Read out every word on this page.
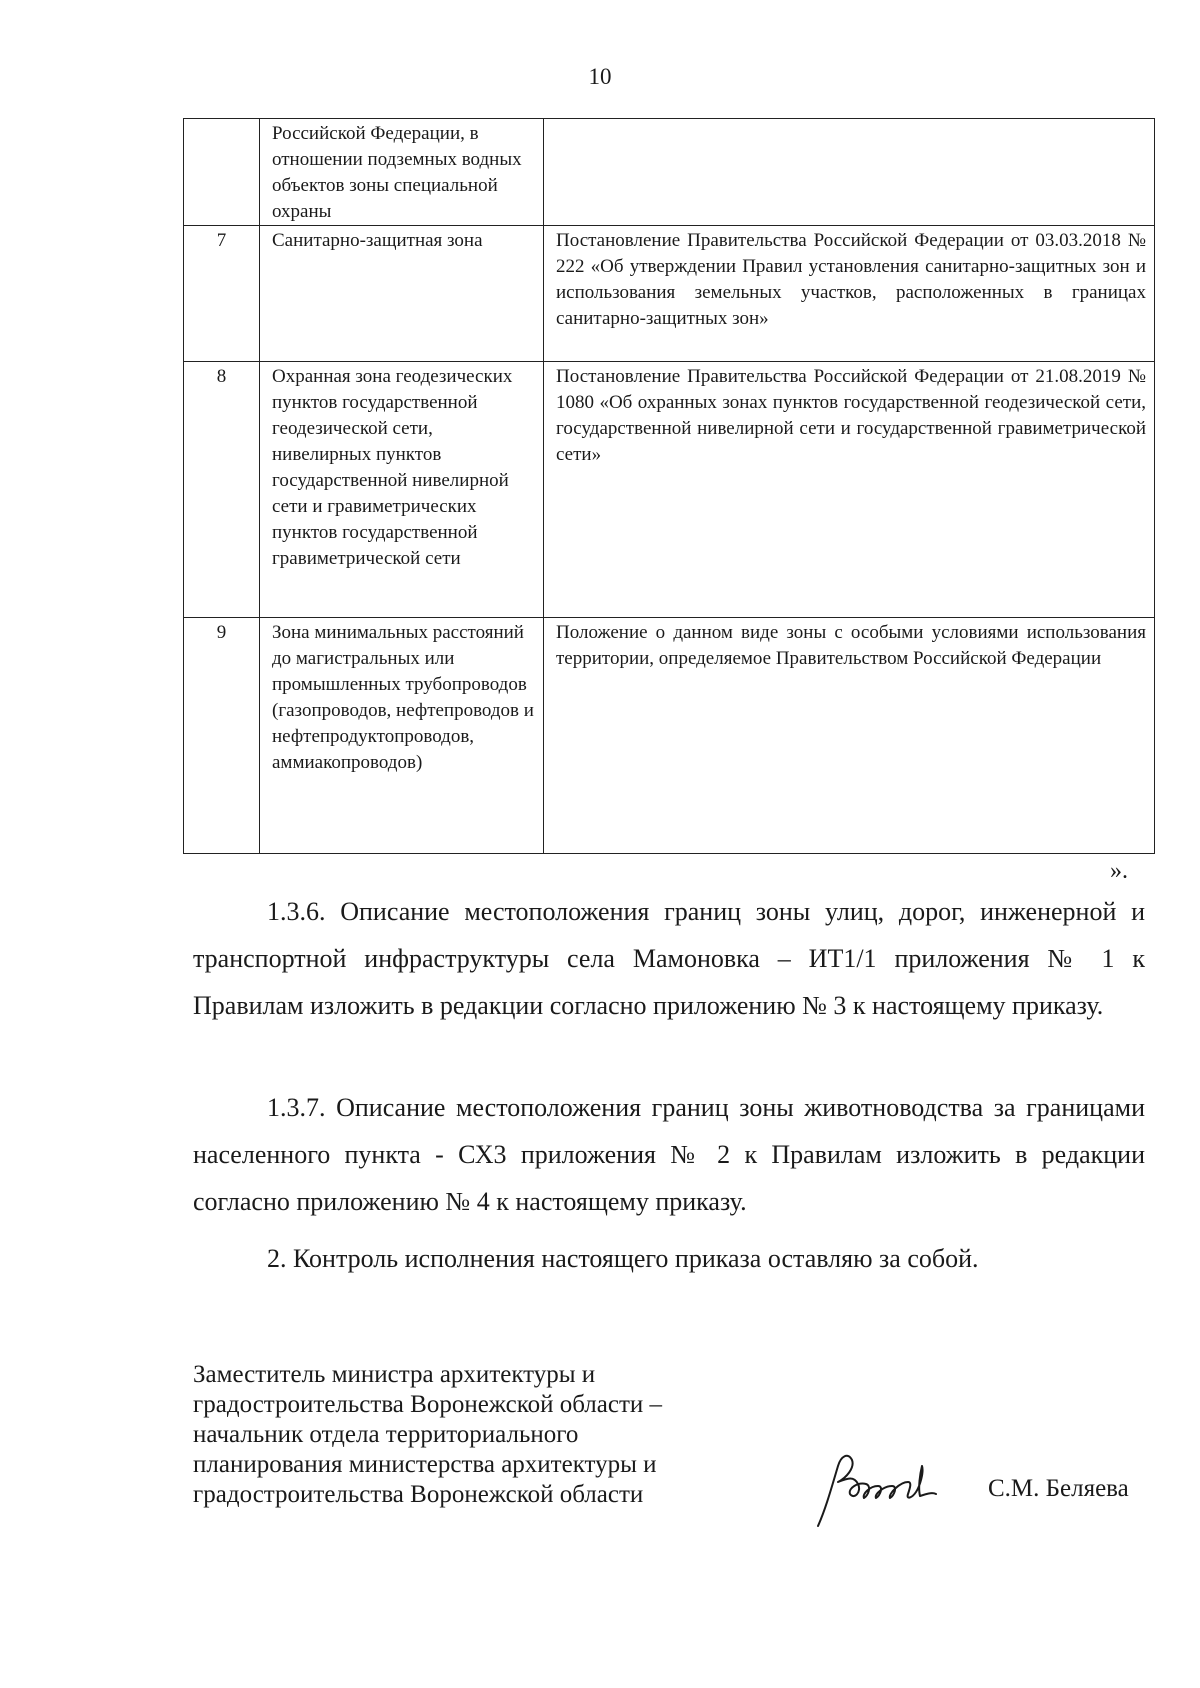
10
	Российской Федерации, в отношении подземных водных объектов зоны специальной охраны	
7	Санитарно-защитная зона	Постановление Правительства Российской Федерации от 03.03.2018 № 222 «Об утверждении Правил установления санитарно-защитных зон и использования земельных участков, расположенных в границах санитарно-защитных зон»
8	Охранная зона геодезических пунктов государственной геодезической сети, нивелирных пунктов государственной нивелирной сети и гравиметрических пунктов государственной гравиметрической сети	Постановление Правительства Российской Федерации от 21.08.2019 № 1080 «Об охранных зонах пунктов государственной геодезической сети, государственной нивелирной сети и государственной гравиметрической сети»
9	Зона минимальных расстояний до магистральных или промышленных трубопроводов (газопроводов, нефтепроводов и нефтепродуктопроводов, аммиакопроводов)	Положение о данном виде зоны с особыми условиями использования территории, определяемое Правительством Российской Федерации
».

1.3.6. Описание местоположения границ зоны улиц, дорог, инженерной и транспортной инфраструктуры села Мамоновка – ИТ1/1 приложения № 1 к Правилам изложить в редакции согласно приложению № 3 к настоящему приказу.

1.3.7. Описание местоположения границ зоны животноводства за границами населенного пункта - СХ3 приложения № 2 к Правилам изложить в редакции согласно приложению № 4 к настоящему приказу.

2. Контроль исполнения настоящего приказа оставляю за собой.

Заместитель министра архитектуры и
градостроительства Воронежской области –
начальник отдела территориального
планирования министерства архитектуры и
градостроительства Воронежской области	С.М. Беляева
